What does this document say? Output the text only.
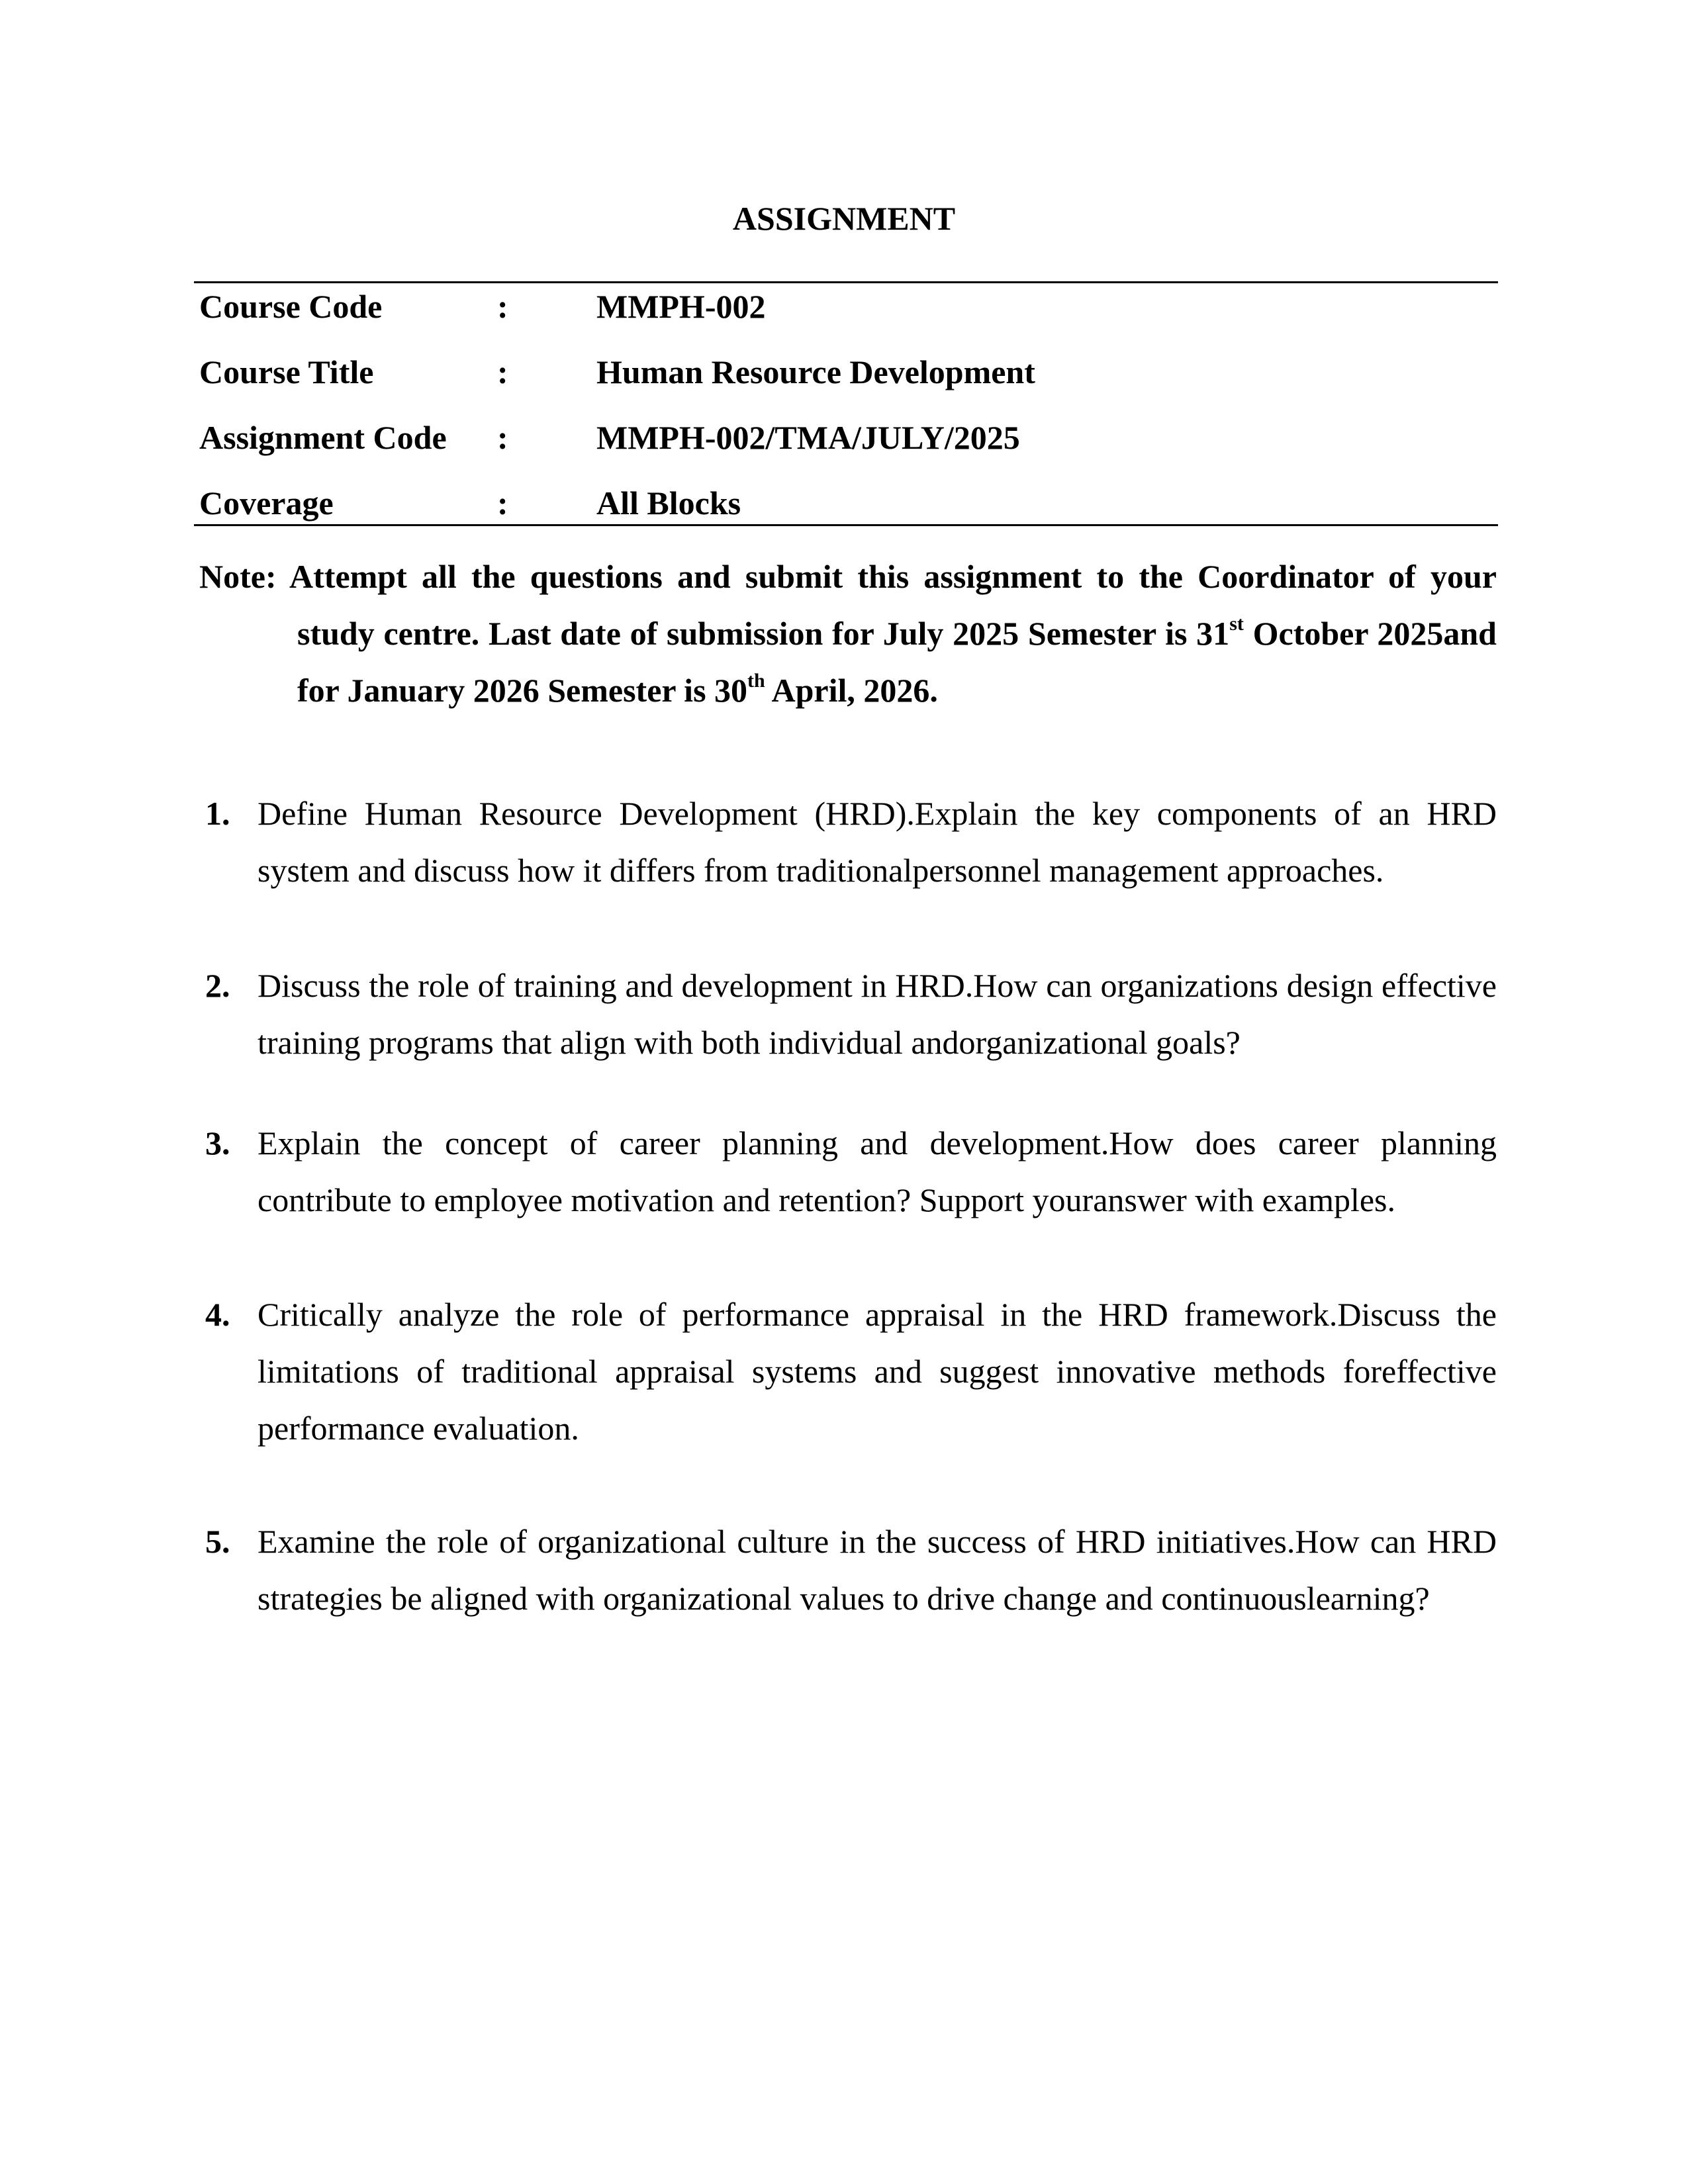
ASSIGNMENT
Course Code	:	MMPH-002
Course Title	:	Human Resource Development
Assignment Code :	MMPH-002/TMA/JULY/2025
Coverage	:	All Blocks
Note: Attempt all the questions and submit this assignment to the Coordinator of your study centre. Last date of submission for July 2025 Semester is 31st October 2025and for January 2026 Semester is 30th April, 2026.
1. Define Human Resource Development (HRD).Explain the key components of an HRD system and discuss how it differs from traditionalpersonnel management approaches.
2. Discuss the role of training and development in HRD.How can organizations design effective training programs that align with both individual andorganizational goals?
3. Explain the concept of career planning and development.How does career planning contribute to employee motivation and retention? Support youranswer with examples.
4. Critically analyze the role of performance appraisal in the HRD framework.Discuss the limitations of traditional appraisal systems and suggest innovative methods foreffective performance evaluation.
5. Examine the role of organizational culture in the success of HRD initiatives.How can HRD strategies be aligned with organizational values to drive change and continuouslearning?
